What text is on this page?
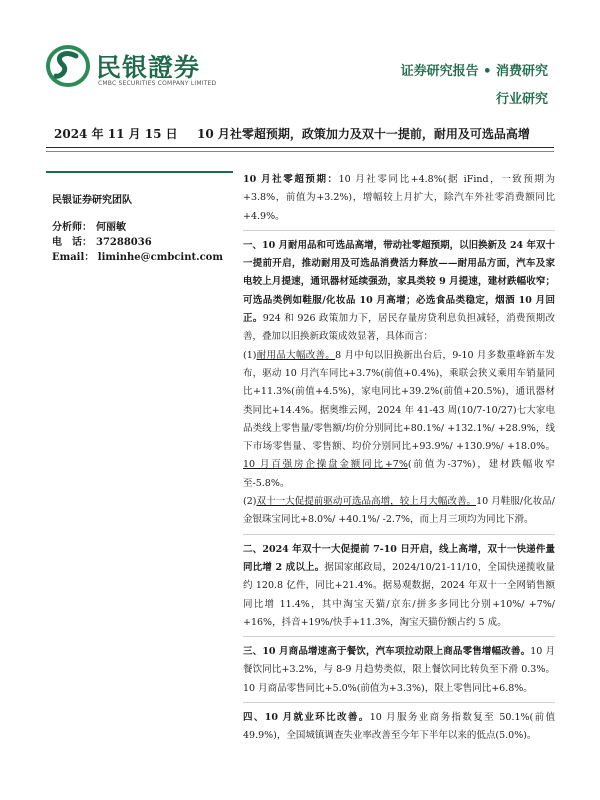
民银證券
CMBC SECURITIES COMPANY LIMITED
证券研究报告 • 消费研究
行业研究
2024 年 11 月 15 日 10 月社零超预期，政策加力及双十一提前，耐用及可选品高增
民银证券研究团队
分析师： 何丽敏
电　话： 37288036
Email： liminhe@cmbcint.com

10 月社零超预期：10 月社零同比+4.8%(据 iFind，一致预期为+3.8%，前值为+3.2%)，增幅较上月扩大，除汽车外社零消费额同比+4.9%。

一、10 月耐用品和可选品高增，带动社零超预期，以旧换新及 24 年双十一提前开启，推动耐用及可选品消费活力释放——耐用品方面，汽车及家电较上月提速，通讯器材延续强劲，家具类较 9 月提速，建材跌幅收窄；可选品类例如鞋服/化妆品 10 月高增；必选食品类稳定，烟酒 10 月回正。924 和 926 政策加力下，居民存量房贷利息负担减轻，消费预期改善，叠加以旧换新政策成效显著，具体而言：

(1)耐用品大幅改善。8 月中旬以旧换新出台后，9-10 月多数重峰新车发布，驱动 10 月汽车同比+3.7%(前值+0.4%)，乘联会狭义乘用车销量同比+11.3%(前值+4.5%)，家电同比+39.2%(前值+20.5%)，通讯器材类同比+14.4%。据奥维云网，2024 年 41-43 周(10/7-10/27)七大家电品类线上零售量/零售额/均价分别同比+80.1%/ +132.1%/ +28.9%，线下市场零售量、零售额、均价分别同比+93.9%/ +130.9%/ +18.0%。10 月百强房企操盘金额同比+7%(前值为-37%)，建材跌幅收窄至-5.8%。

(2)双十一大促提前驱动可选品高增，较上月大幅改善。10 月鞋服/化妆品/金银珠宝同比+8.0%/ +40.1%/ -2.7%，而上月三项均为同比下滑。

二、2024 年双十一大促提前 7-10 日开启，线上高增，双十一快递件量同比增 2 成以上。据国家邮政局，2024/10/21-11/10，全国快递揽收量约 120.8 亿件，同比+21.4%。据易观数据，2024 年双十一全网销售额同比增 11.4%，其中淘宝天猫/京东/拼多多同比分别+10%/ +7%/ +16%，抖音+19%/快手+11.3%，淘宝天猫份额占约 5 成。

三、10 月商品增速高于餐饮，汽车项拉动限上商品零售增幅改善。10 月餐饮同比+3.2%，与 8-9 月趋势类似，限上餐饮同比转负至下滑 0.3%。10 月商品零售同比+5.0%(前值为+3.3%)，限上零售同比+6.8%。

四、10 月就业环比改善。10 月服务业商务指数复至 50.1%(前值 49.9%)，全国城镇调查失业率改善至今年下半年以来的低点(5.0%)。
